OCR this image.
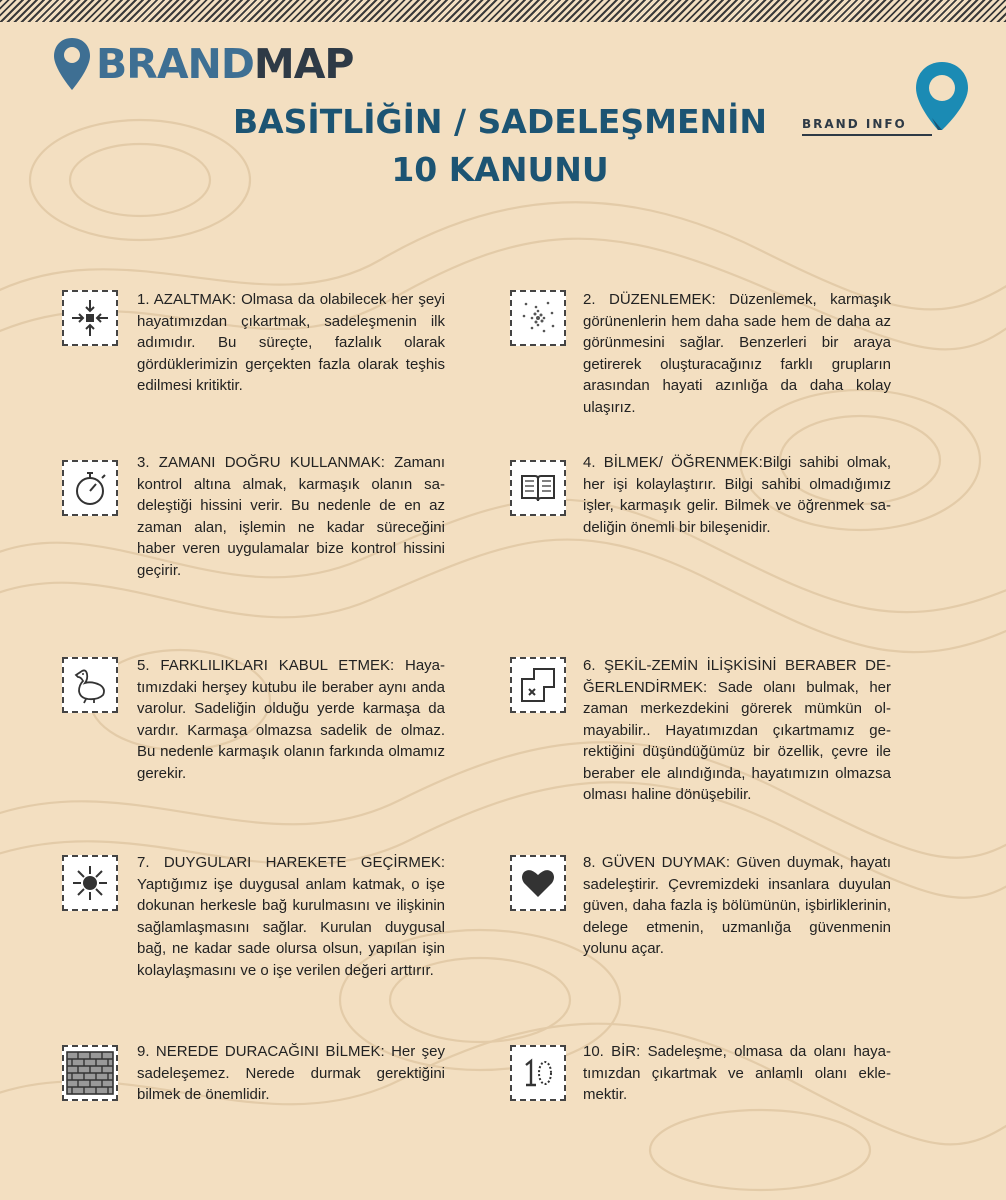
BRANDMAP
BASİTLİĞİN / SADELEŞMENİN
10 KANUNU
BRAND INFO
1. AZALTMAK: Olmasa da olabilecek her şeyi hayatımızdan çıkartmak, sadeleşmenin ilk adımıdır. Bu süreçte, fazlalık olarak gördüklerimizin gerçekten fazla olarak teşhis edilmesi kritiktir.
2. DÜZENLEMEK: Düzenlemek, karmaşık görünenlerin hem daha sade hem de daha az görünmesini sağlar. Benzerleri bir araya getirerek oluşturacağınız farklı grupların arasından hayati azınlığa da daha kolay ulaşırız.
3. ZAMANI DOĞRU KULLANMAK: Zamanı kontrol altına almak, karmaşık olanın sadeleştiği hissini verir. Bu nedenle de en az zaman alan, işlemin ne kadar süreceğini haber veren uygulamalar bize kontrol hissini geçirir.
4. BİLMEK/ ÖĞRENMEK:Bilgi sahibi olmak, her işi kolaylaştırır. Bilgi sahibi olmadığımız işler, karmaşık gelir. Bilmek ve öğrenmek sadeliğin önemli bir bileşenidir.
5. FARKLILIKLARI KABUL ETMEK: Hayatımızdaki herşey kutubu ile beraber aynı anda varolur. Sadeliğin olduğu yerde karmaşa da vardır. Karmaşa olmazsa sadelik de olmaz. Bu nedenle karmaşık olanın farkında olmamız gerekir.
6. ŞEKİL-ZEMİN İLİŞKİSİNİ BERABER DEĞERLENDİRMEK: Sade olanı bulmak, her zaman merkezdekini görerek mümkün olmayabilir.. Hayatımızdan çıkartmamız gerektiğini düşündüğümüz bir özellik, çevre ile beraber ele alındığında, hayatımızın olmazsa olması haline dönüşebilir.
7. DUYGULARI HAREKETE GEÇİRMEK: Yaptığımız işe duygusal anlam katmak, o işe dokunan herkesle bağ kurulmasını ve ilişkinin sağlamlaşmasını sağlar. Kurulan duygusal bağ, ne kadar sade olursa olsun, yapılan işin kolaylaşmasını ve o işe verilen değeri arttırır.
8. GÜVEN DUYMAK: Güven duymak, hayatı sadeleştirir. Çevremizdeki insanlara duyulan güven, daha fazla iş bölümünün, işbirliklerinin, delege etmenin, uzmanlığa güvenmenin yolunu açar.
9. NEREDE DURACAĞINI BİLMEK: Her şey sadeleşemez. Nerede durmak gerektiğini bilmek de önemlidir.
10. BİR: Sadeleşme, olmasa da olanı hayatımızdan çıkartmak ve anlamlı olanı eklemektir.
